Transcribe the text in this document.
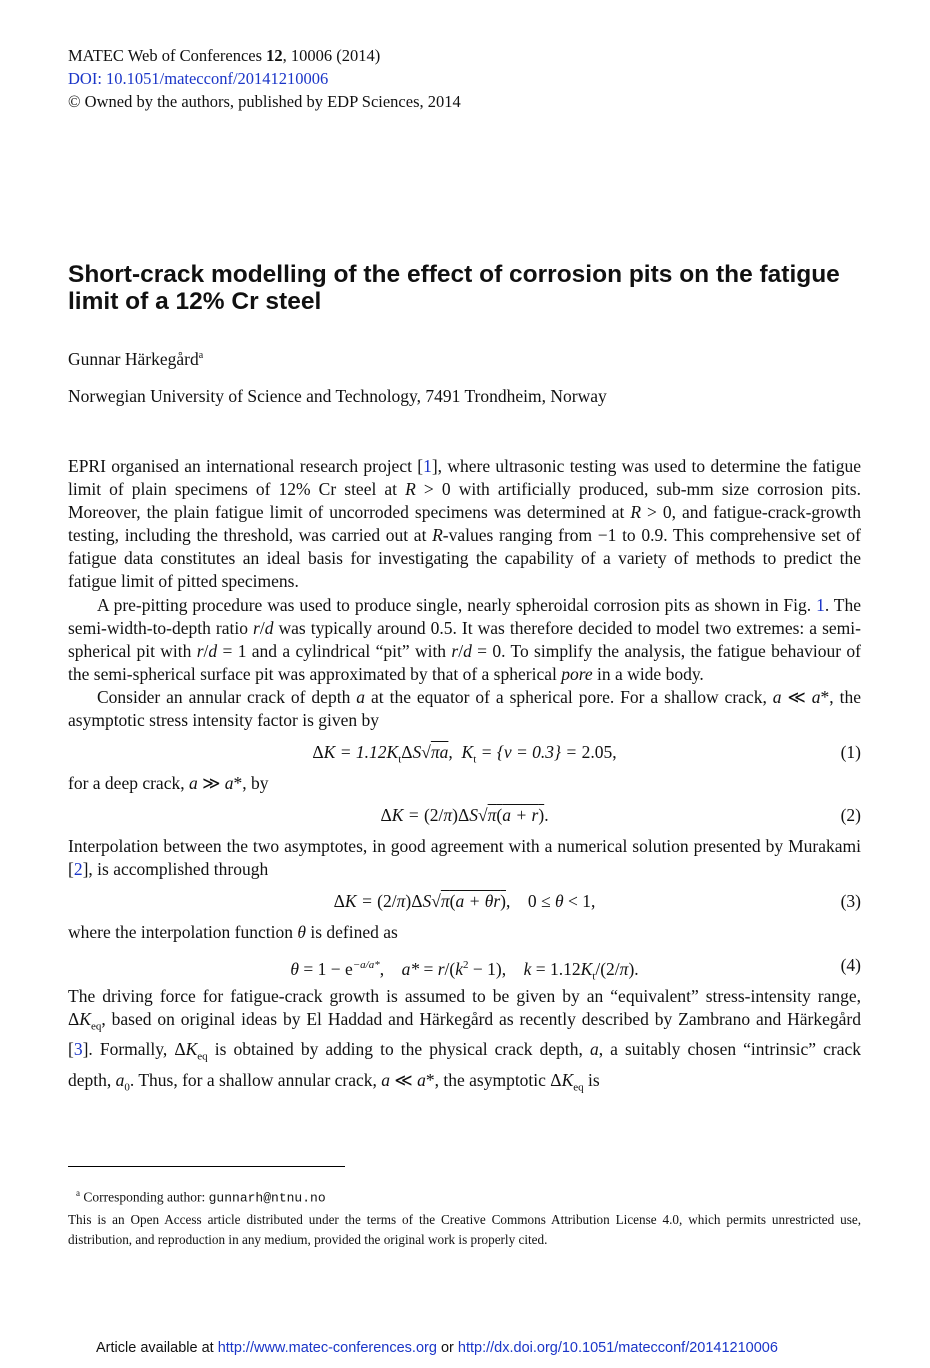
MATEC Web of Conferences 12, 10006 (2014)
DOI: 10.1051/matecconf/20141210006
© Owned by the authors, published by EDP Sciences, 2014
Short-crack modelling of the effect of corrosion pits on the fatigue limit of a 12% Cr steel
Gunnar Härkegård$^a$
Norwegian University of Science and Technology, 7491 Trondheim, Norway

EPRI organised an international research project [1], where ultrasonic testing was used to determine the fatigue limit of plain specimens of 12% Cr steel at R > 0 with artificially produced, sub-mm size corrosion pits. Moreover, the plain fatigue limit of uncorroded specimens was determined at R > 0, and fatigue-crack-growth testing, including the threshold, was carried out at R-values ranging from −1 to 0.9. This comprehensive set of fatigue data constitutes an ideal basis for investigating the capability of a variety of methods to predict the fatigue limit of pitted specimens.

A pre-pitting procedure was used to produce single, nearly spheroidal corrosion pits as shown in Fig. 1. The semi-width-to-depth ratio r/d was typically around 0.5. It was therefore decided to model two extremes: a semi-spherical pit with r/d = 1 and a cylindrical “pit” with r/d = 0. To simplify the analysis, the fatigue behaviour of the semi-spherical surface pit was approximated by that of a spherical pore in a wide body.

Consider an annular crack of depth a at the equator of a spherical pore. For a shallow crack, a ≪ a*, the asymptotic stress intensity factor is given by

$\Delta K = 1.12K_t\Delta S√\pi a$,  $K_t = \{\nu = 0.3\} = 2.05$,	(1)

for a deep crack, a ≫ a*, by

ΔK = (2/π)ΔS√π(a + r).	(2)

Interpolation between the two asymptotes, in good agreement with a numerical solution presented by Murakami [2], is accomplished through

ΔK = (2/π)ΔS√π(a + θr),    0 ≤ θ < 1,	(3)

where the interpolation function θ is defined as

$\theta = 1 - e^{-a/a*}$,    $a* = r/(k^2 - 1)$,    $k = 1.12K_t/(2/\pi)$.	(4)

The driving force for fatigue-crack growth is assumed to be given by an “equivalent” stress-intensity range, $\Delta K_{eq}$, based on original ideas by El Haddad and Härkegård as recently described by Zambrano and Härkegård [3]. Formally, $\Delta K_{eq}$ is obtained by adding to the physical crack depth, a, a suitably chosen “intrinsic” crack depth, $a_0$. Thus, for a shallow annular crack, a ≪ a*, the asymptotic $\Delta K_{eq}$ is

$^a$ Corresponding author: gunnarh@ntnu.no
This is an Open Access article distributed under the terms of the Creative Commons Attribution License 4.0, which permits unrestricted use, distribution, and reproduction in any medium, provided the original work is properly cited.
Article available at http://www.matec-conferences.org or http://dx.doi.org/10.1051/matecconf/20141210006
